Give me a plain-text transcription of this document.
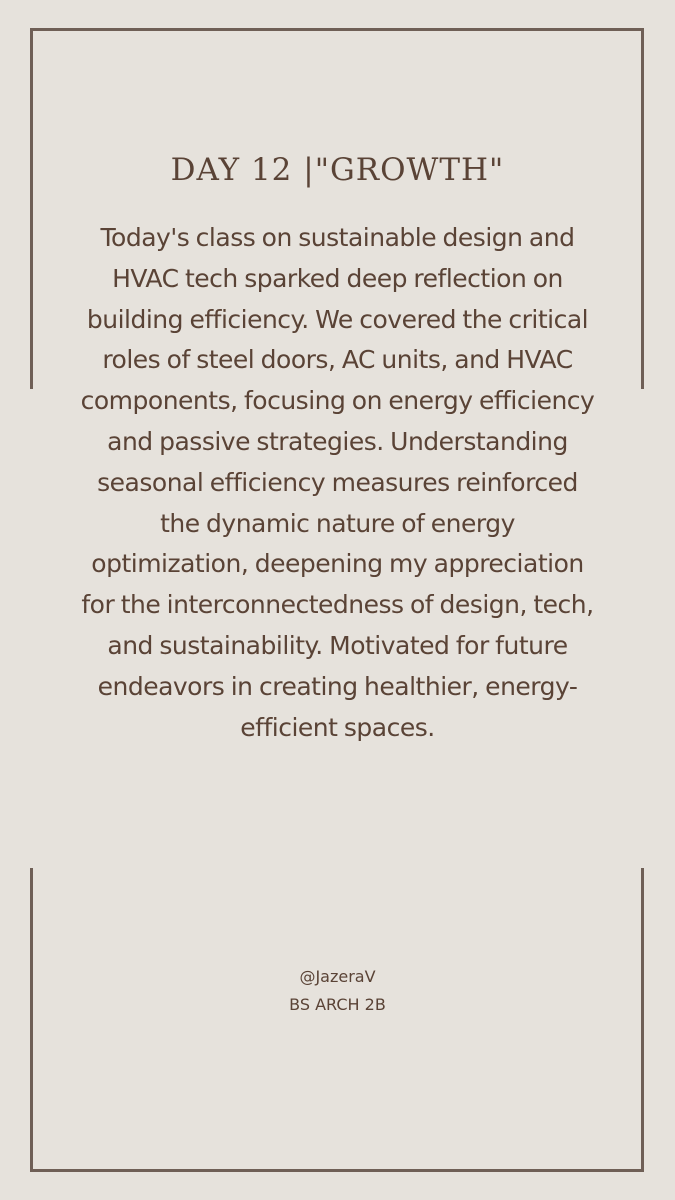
DAY 12 |"GROWTH"

Today's class on sustainable design and HVAC tech sparked deep reflection on building efficiency. We covered the critical roles of steel doors, AC units, and HVAC components, focusing on energy efficiency and passive strategies. Understanding seasonal efficiency measures reinforced the dynamic nature of energy optimization, deepening my appreciation for the interconnectedness of design, tech, and sustainability. Motivated for future endeavors in creating healthier, energy-efficient spaces.

@JazeraV

BS ARCH 2B
